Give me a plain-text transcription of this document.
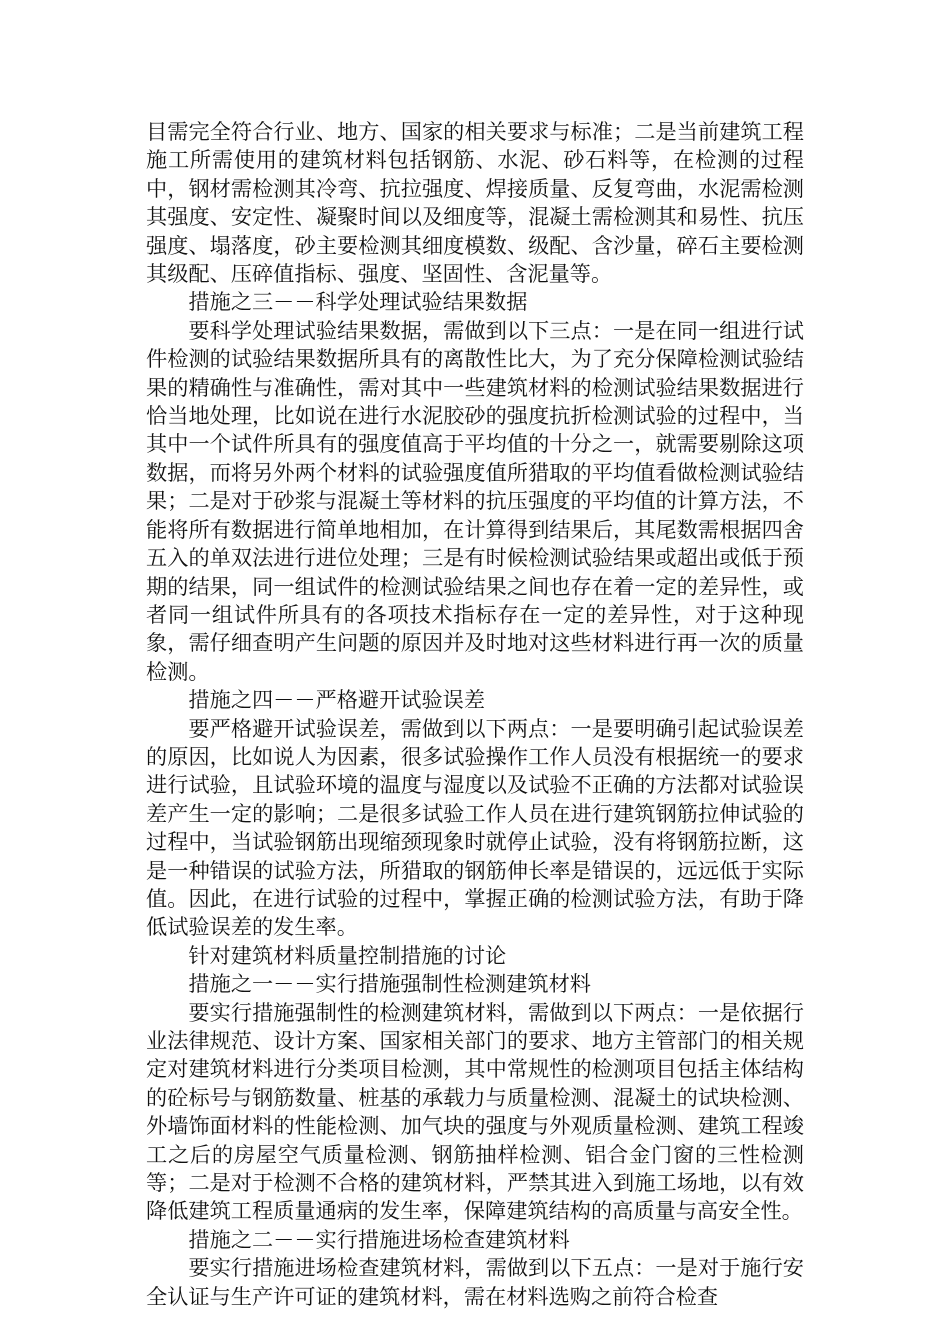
目需完全符合行业、地方、国家的相关要求与标准；二是当前建筑工程施工所需使用的建筑材料包括钢筋、水泥、砂石料等，在检测的过程中，钢材需检测其冷弯、抗拉强度、焊接质量、反复弯曲，水泥需检测其强度、安定性、凝聚时间以及细度等，混凝土需检测其和易性、抗压强度、塌落度，砂主要检测其细度模数、级配、含沙量，碎石主要检测其级配、压碎值指标、强度、坚固性、含泥量等。

措施之三－－科学处理试验结果数据

要科学处理试验结果数据，需做到以下三点：一是在同一组进行试件检测的试验结果数据所具有的离散性比大，为了充分保障检测试验结果的精确性与准确性，需对其中一些建筑材料的检测试验结果数据进行恰当地处理，比如说在进行水泥胶砂的强度抗折检测试验的过程中，当其中一个试件所具有的强度值高于平均值的十分之一，就需要剔除这项数据，而将另外两个材料的试验强度值所猎取的平均值看做检测试验结果；二是对于砂浆与混凝土等材料的抗压强度的平均值的计算方法，不能将所有数据进行简单地相加，在计算得到结果后，其尾数需根据四舍五入的单双法进行进位处理；三是有时候检测试验结果或超出或低于预期的结果，同一组试件的检测试验结果之间也存在着一定的差异性，或者同一组试件所具有的各项技术指标存在一定的差异性，对于这种现象，需仔细查明产生问题的原因并及时地对这些材料进行再一次的质量检测。

措施之四－－严格避开试验误差

要严格避开试验误差，需做到以下两点：一是要明确引起试验误差的原因，比如说人为因素，很多试验操作工作人员没有根据统一的要求进行试验，且试验环境的温度与湿度以及试验不正确的方法都对试验误差产生一定的影响；二是很多试验工作人员在进行建筑钢筋拉伸试验的过程中，当试验钢筋出现缩颈现象时就停止试验，没有将钢筋拉断，这是一种错误的试验方法，所猎取的钢筋伸长率是错误的，远远低于实际值。因此，在进行试验的过程中，掌握正确的检测试验方法，有助于降低试验误差的发生率。

针对建筑材料质量控制措施的讨论

措施之一－－实行措施强制性检测建筑材料

要实行措施强制性的检测建筑材料，需做到以下两点：一是依据行业法律规范、设计方案、国家相关部门的要求、地方主管部门的相关规定对建筑材料进行分类项目检测，其中常规性的检测项目包括主体结构的砼标号与钢筋数量、桩基的承载力与质量检测、混凝土的试块检测、外墙饰面材料的性能检测、加气块的强度与外观质量检测、建筑工程竣工之后的房屋空气质量检测、钢筋抽样检测、铝合金门窗的三性检测等；二是对于检测不合格的建筑材料，严禁其进入到施工场地，以有效降低建筑工程质量通病的发生率，保障建筑结构的高质量与高安全性。

措施之二－－实行措施进场检查建筑材料

要实行措施进场检查建筑材料，需做到以下五点：一是对于施行安全认证与生产许可证的建筑材料，需在材料选购之前符合检查
